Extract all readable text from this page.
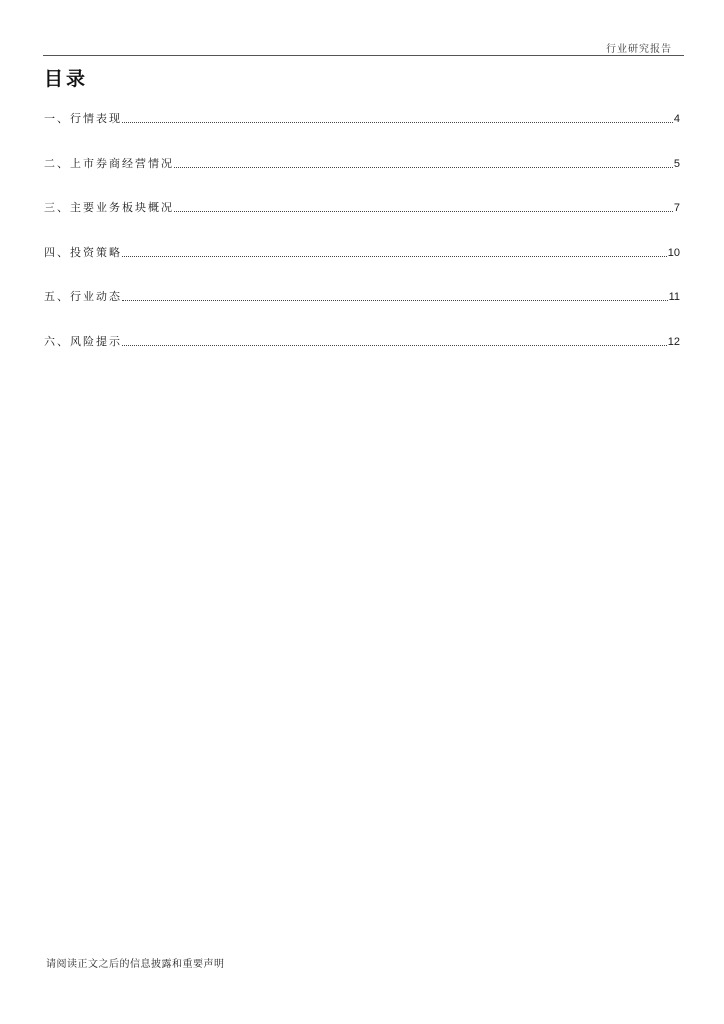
行业研究报告
目录
一、行情表现	4
二、上市券商经营情况	5
三、主要业务板块概况	7
四、投资策略	10
五、行业动态	11
六、风险提示	12
请阅读正文之后的信息披露和重要声明
